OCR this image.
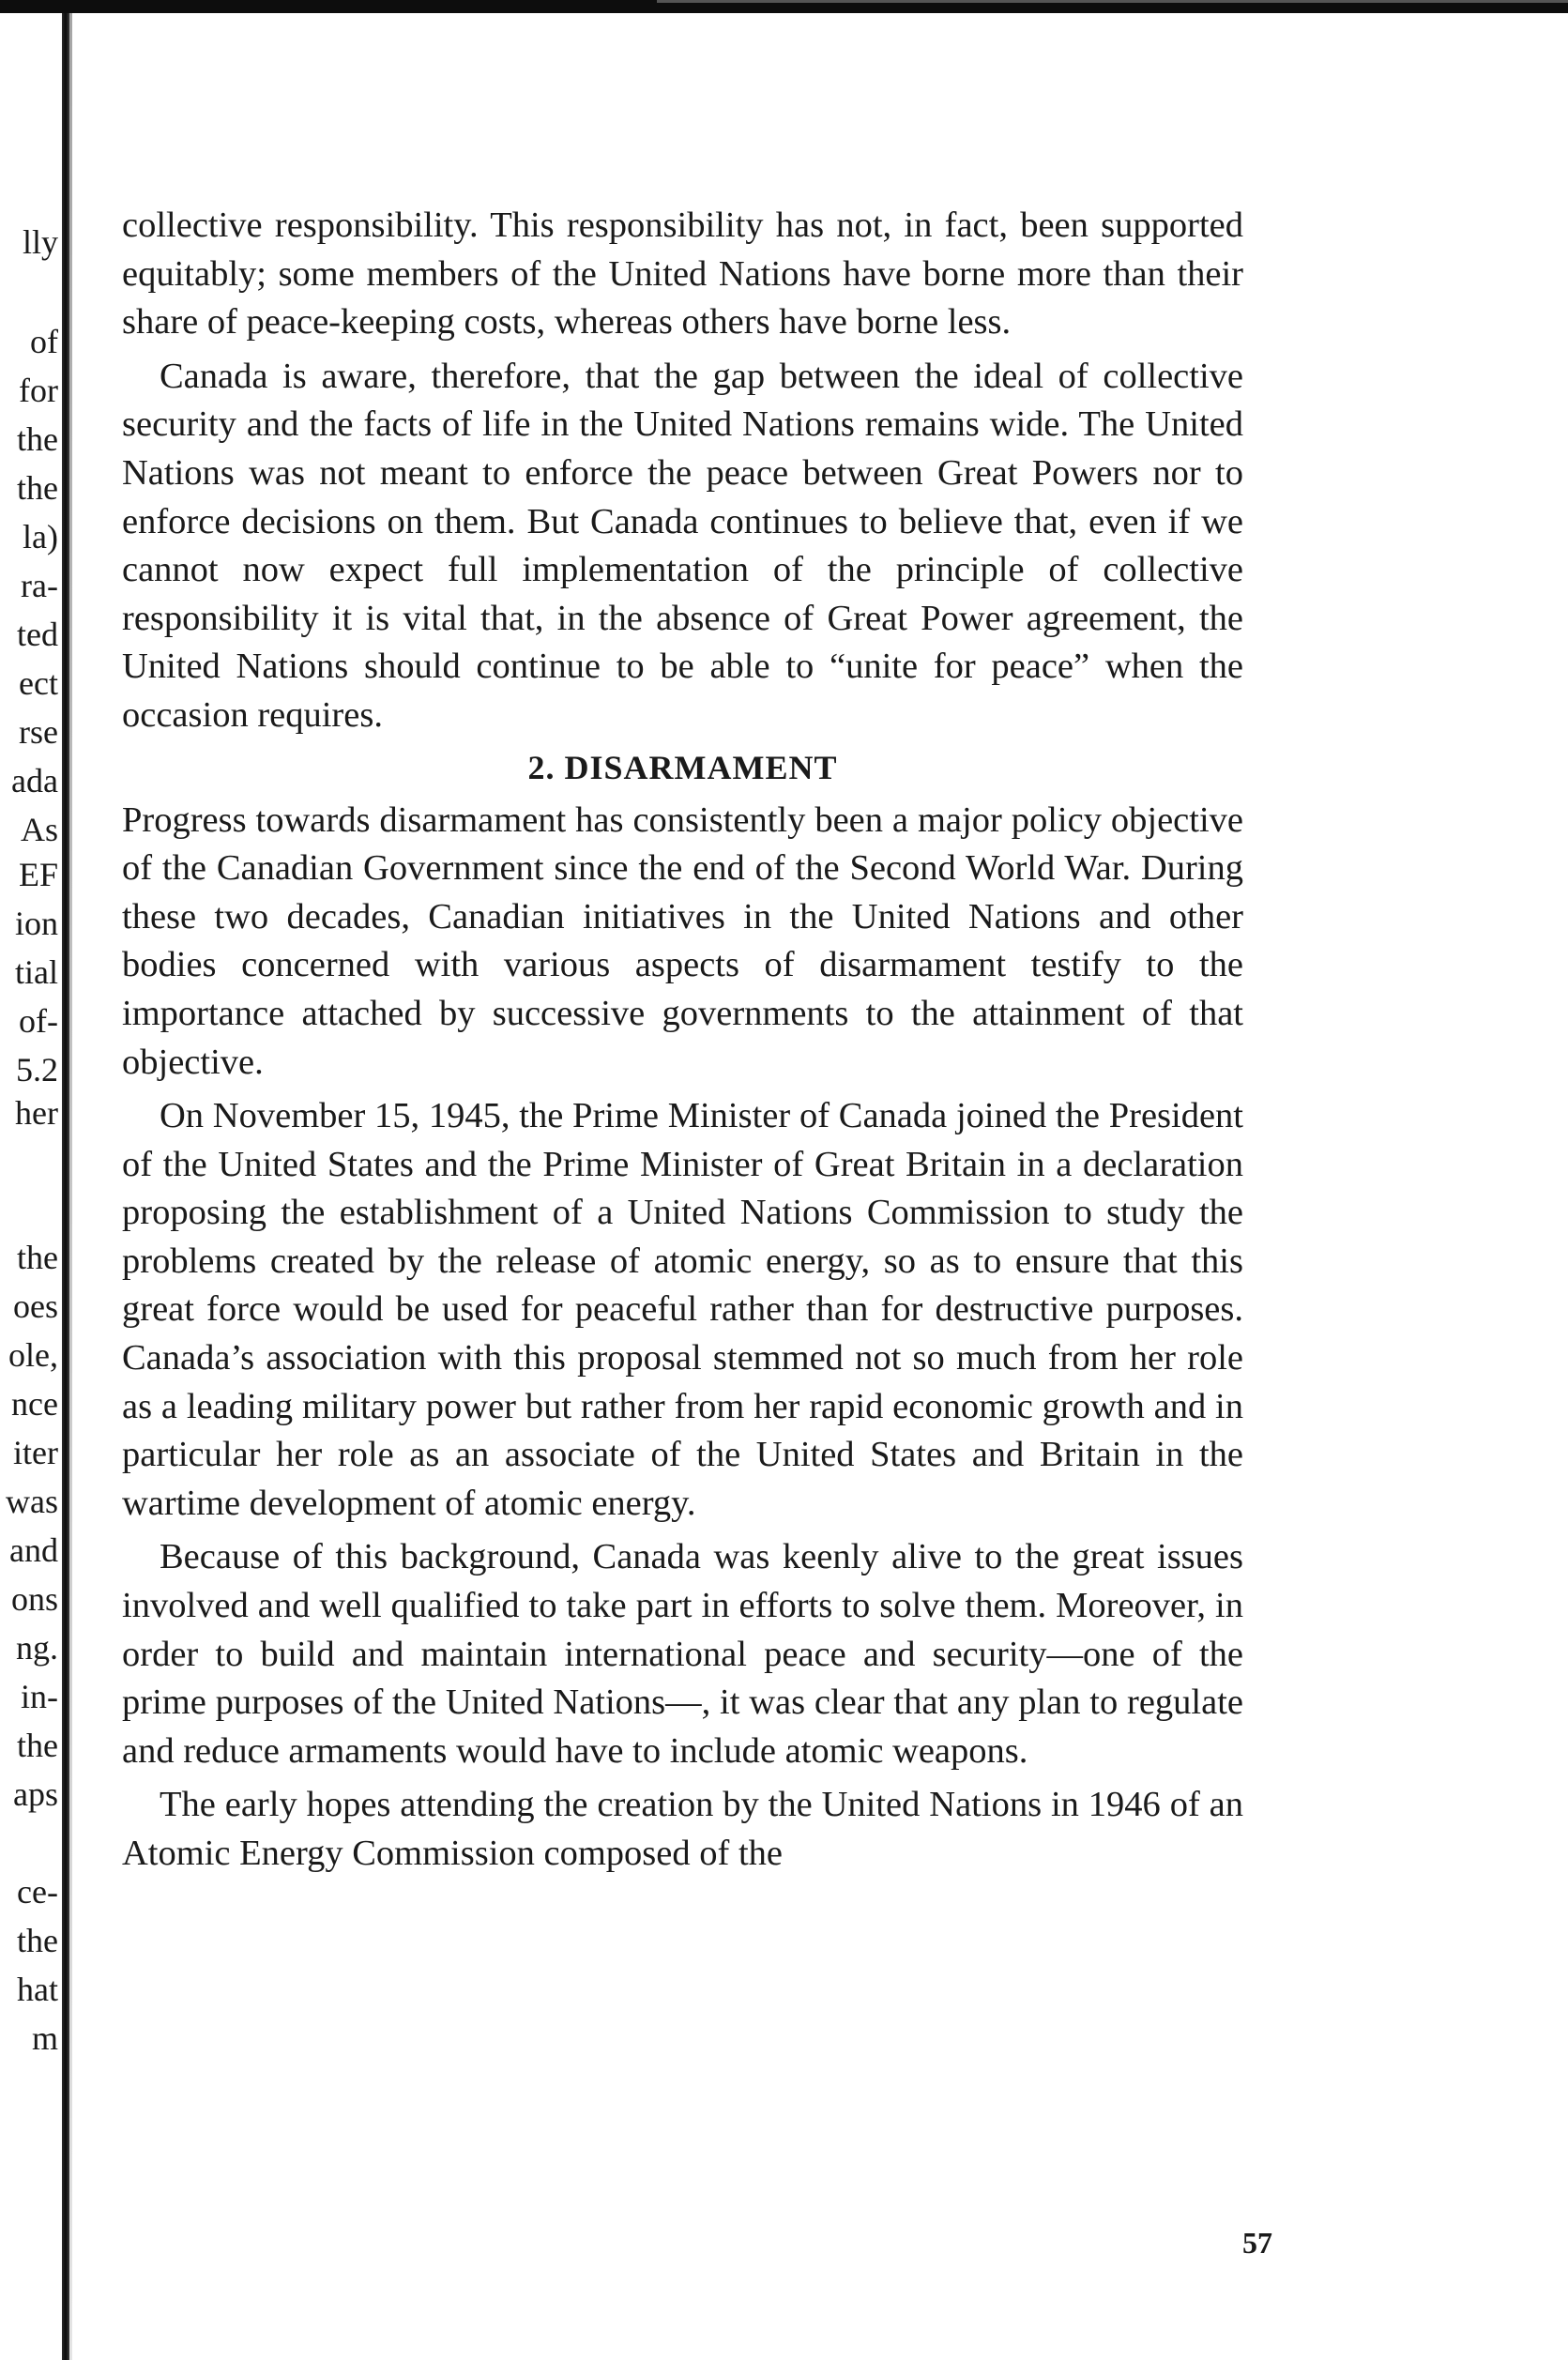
lly
of
for
the
the
la)
ra-
ted
ect
rse
ada
As
EF
ion
tial
of-
5.2
her
the
oes
ole,
nce
iter
was
and
ons
ng.
in-
the
aps
ce-
the
hat
m

collective responsibility. This responsibility has not, in fact, been supported equitably; some members of the United Nations have borne more than their share of peace-keeping costs, whereas others have borne less.

Canada is aware, therefore, that the gap between the ideal of collective security and the facts of life in the United Nations remains wide. The United Nations was not meant to enforce the peace between Great Powers nor to enforce decisions on them. But Canada continues to believe that, even if we cannot now expect full implementation of the principle of collective responsibility it is vital that, in the absence of Great Power agreement, the United Nations should continue to be able to “unite for peace” when the occasion requires.

2. DISARMAMENT

Progress towards disarmament has consistently been a major policy objective of the Canadian Government since the end of the Second World War. During these two decades, Canadian initiatives in the United Nations and other bodies concerned with various aspects of disarmament testify to the importance attached by successive governments to the attainment of that objective.

On November 15, 1945, the Prime Minister of Canada joined the President of the United States and the Prime Minister of Great Britain in a declaration proposing the establishment of a United Nations Commission to study the problems created by the release of atomic energy, so as to ensure that this great force would be used for peaceful rather than for destructive purposes. Canada’s association with this proposal stemmed not so much from her role as a leading military power but rather from her rapid economic growth and in particular her role as an associate of the United States and Britain in the wartime development of atomic energy.

Because of this background, Canada was keenly alive to the great issues involved and well qualified to take part in efforts to solve them. Moreover, in order to build and maintain international peace and security—one of the prime purposes of the United Nations—, it was clear that any plan to regulate and reduce armaments would have to include atomic weapons.

The early hopes attending the creation by the United Nations in 1946 of an Atomic Energy Commission composed of the

57
